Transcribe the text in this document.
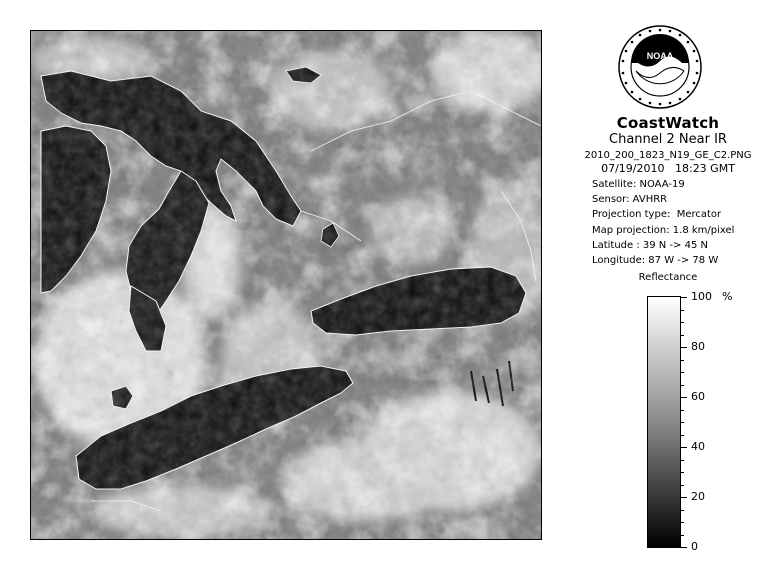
NOAA
CoastWatch
Channel 2 Near IR
2010_200_1823_N19_GE_C2.PNG
07/19/2010 18:23 GMT
Satellite: NOAA-19
Sensor: AVHRR
Projection type:  Mercator
Map projection: 1.8 km/pixel
Latitude : 39 N -> 45 N
Longitude: 87 W -> 78 W
Reflectance
%
100
80
60
40
20
0
